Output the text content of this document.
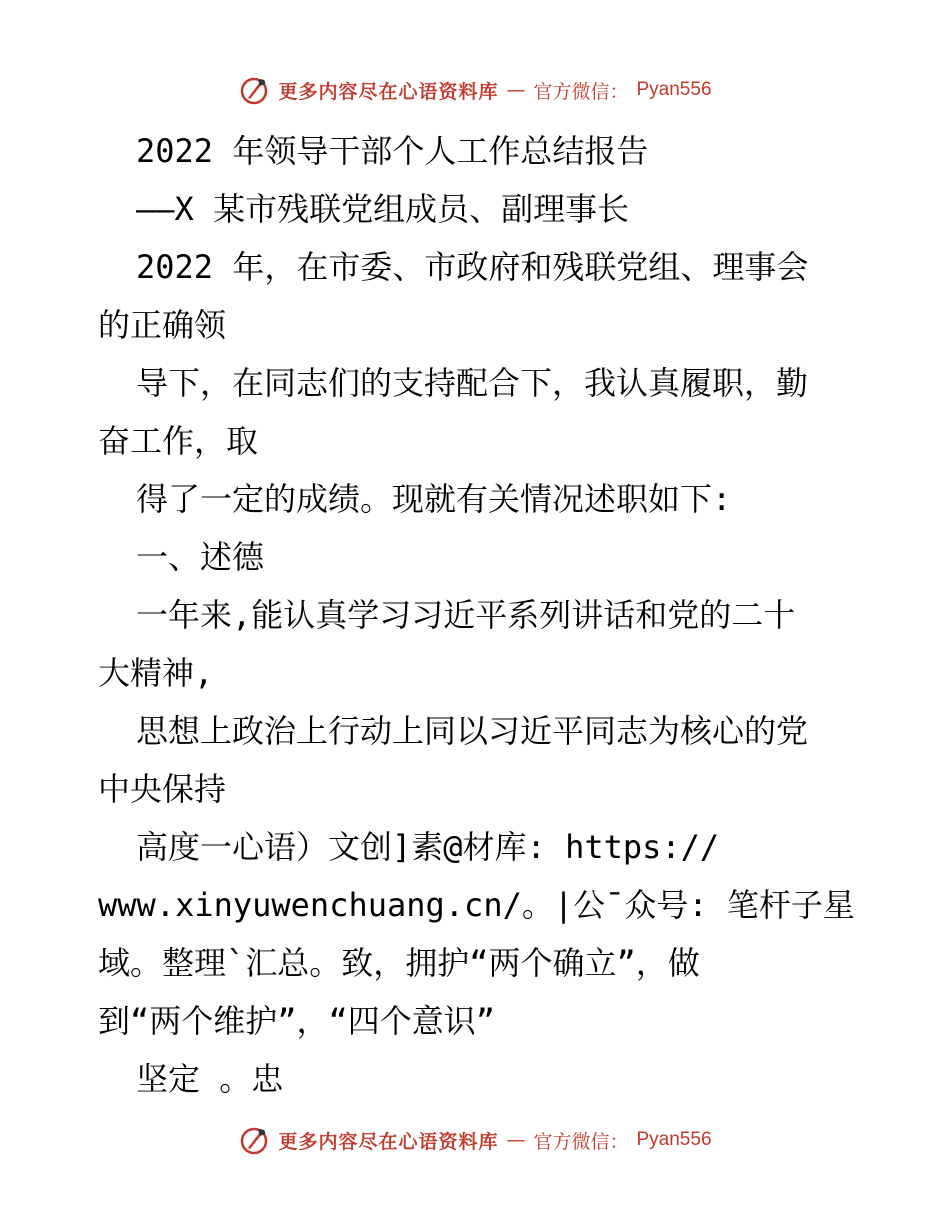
更多内容尽在心语资料库 — 官方微信： Pyan556
2022 年领导干部个人工作总结报告
——X 某市残联党组成员、副理事长
2022 年，在市委、市政府和残联党组、理事会
的正确领
导下，在同志们的支持配合下，我认真履职，勤
奋工作，取
得了一定的成绩。现就有关情况述职如下:
一、述德
一年来,能认真学习习近平系列讲话和党的二十
大精神,
思想上政治上行动上同以习近平同志为核心的党
中央保持
高度一心语）文创]素@材库: https://
www.xinyuwenchuang.cn/。|公¯众号: 笔杆子星
域。整理`汇总。致，拥护“两个确立”，做
到“两个维护”，“四个意识”
坚定 。忠
更多内容尽在心语资料库 — 官方微信： Pyan556
